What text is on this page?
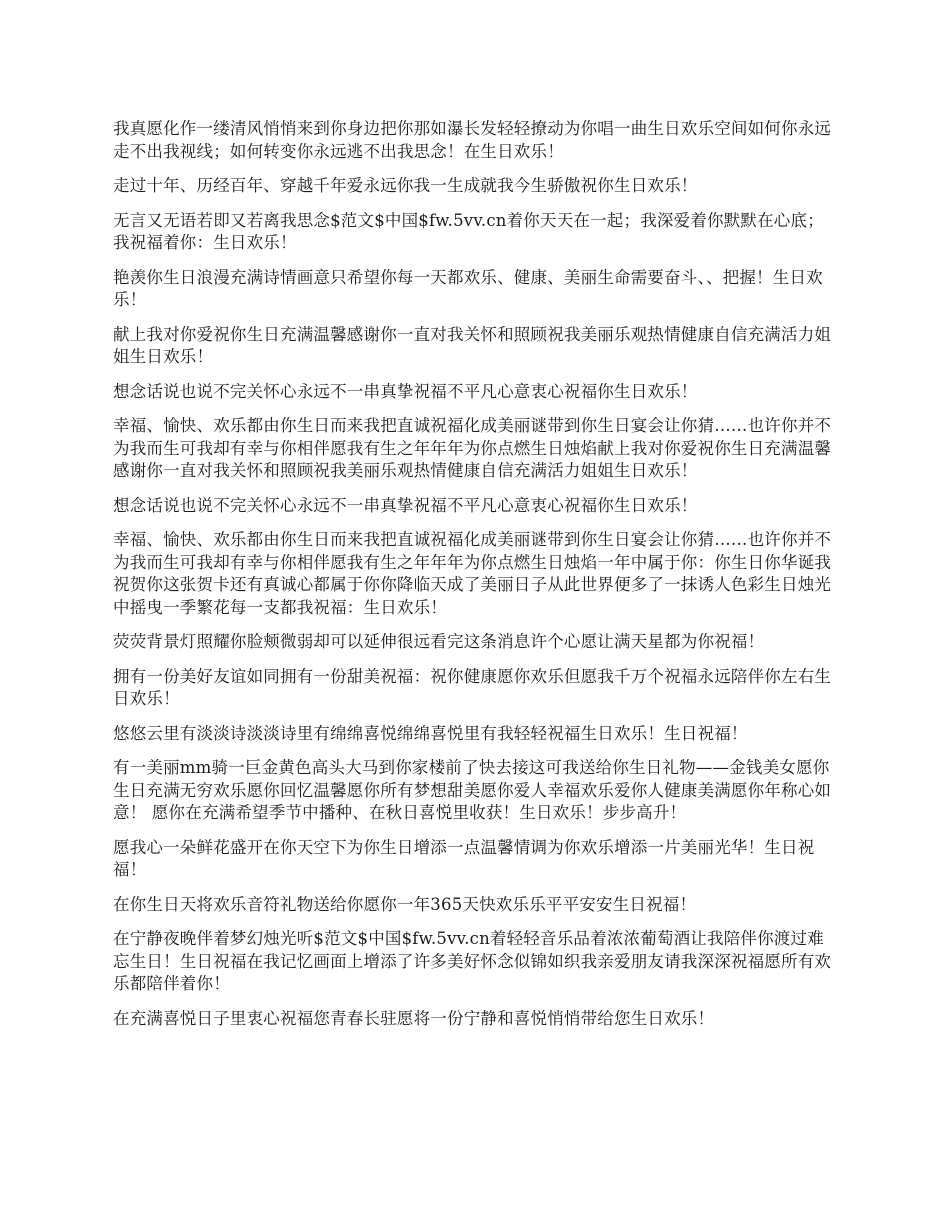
我真愿化作一缕清风悄悄来到你身边把你那如瀑长发轻轻撩动为你唱一曲生日欢乐空间如何你永远走不出我视线；如何转变你永远逃不出我思念！在生日欢乐！

走过十年、历经百年、穿越千年爱永远你我一生成就我今生骄傲祝你生日欢乐！

无言又无语若即又若离我思念$范文$中国$fw.5vv.cn着你天天在一起；我深爱着你默默在心底；我祝福着你：生日欢乐！

艳羡你生日浪漫充满诗情画意只希望你每一天都欢乐、健康、美丽生命需要奋斗、、把握！生日欢乐！

献上我对你爱祝你生日充满温馨感谢你一直对我关怀和照顾祝我美丽乐观热情健康自信充满活力姐姐生日欢乐！

想念话说也说不完关怀心永远不一串真挚祝福不平凡心意衷心祝福你生日欢乐！

幸福、愉快、欢乐都由你生日而来我把直诚祝福化成美丽谜带到你生日宴会让你猜……也许你并不为我而生可我却有幸与你相伴愿我有生之年年年为你点燃生日烛焰献上我对你爱祝你生日充满温馨感谢你一直对我关怀和照顾祝我美丽乐观热情健康自信充满活力姐姐生日欢乐！

想念话说也说不完关怀心永远不一串真挚祝福不平凡心意衷心祝福你生日欢乐！

幸福、愉快、欢乐都由你生日而来我把直诚祝福化成美丽谜带到你生日宴会让你猜……也许你并不为我而生可我却有幸与你相伴愿我有生之年年年为你点燃生日烛焰一年中属于你：你生日你华诞我祝贺你这张贺卡还有真诚心都属于你你降临天成了美丽日子从此世界便多了一抹诱人色彩生日烛光中摇曳一季繁花每一支都我祝福：生日欢乐！

荧荧背景灯照耀你脸颊微弱却可以延伸很远看完这条消息许个心愿让满天星都为你祝福！

拥有一份美好友谊如同拥有一份甜美祝福：祝你健康愿你欢乐但愿我千万个祝福永远陪伴你左右生日欢乐！

悠悠云里有淡淡诗淡淡诗里有绵绵喜悦绵绵喜悦里有我轻轻祝福生日欢乐！生日祝福！

有一美丽mm骑一巨金黄色高头大马到你家楼前了快去接这可我送给你生日礼物——金钱美女愿你生日充满无穷欢乐愿你回忆温馨愿你所有梦想甜美愿你爱人幸福欢乐爱你人健康美满愿你年称心如意！ 愿你在充满希望季节中播种、在秋日喜悦里收获！生日欢乐！步步高升！

愿我心一朵鲜花盛开在你天空下为你生日增添一点温馨情调为你欢乐增添一片美丽光华！生日祝福！

在你生日天将欢乐音符礼物送给你愿你一年365天快欢乐乐平平安安生日祝福！

在宁静夜晚伴着梦幻烛光听$范文$中国$fw.5vv.cn着轻轻音乐品着浓浓葡萄酒让我陪伴你渡过难忘生日！生日祝福在我记忆画面上增添了许多美好怀念似锦如织我亲爱朋友请我深深祝福愿所有欢乐都陪伴着你！

在充满喜悦日子里衷心祝福您青春长驻愿将一份宁静和喜悦悄悄带给您生日欢乐！
